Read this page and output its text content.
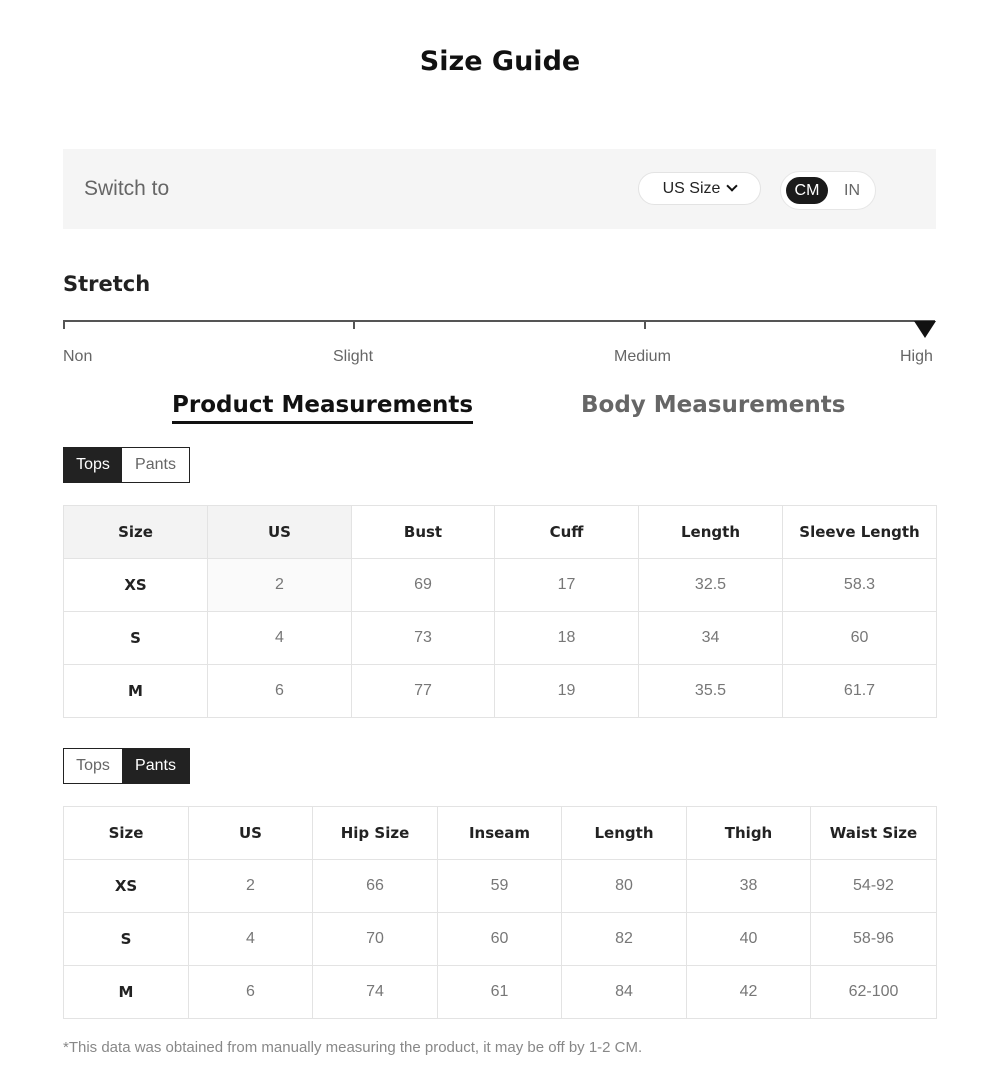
Size Guide
Switch to	US Size	CM	IN
Stretch
Non	Slight	Medium	High
Product Measurements	Body Measurements
Tops	Pants
Size	US	Bust	Cuff	Length	Sleeve Length
XS	2	69	17	32.5	58.3
S	4	73	18	34	60
M	6	77	19	35.5	61.7
Tops	Pants
Size	US	Hip Size	Inseam	Length	Thigh	Waist Size
XS	2	66	59	80	38	54-92
S	4	70	60	82	40	58-96
M	6	74	61	84	42	62-100
*This data was obtained from manually measuring the product, it may be off by 1-2 CM.
